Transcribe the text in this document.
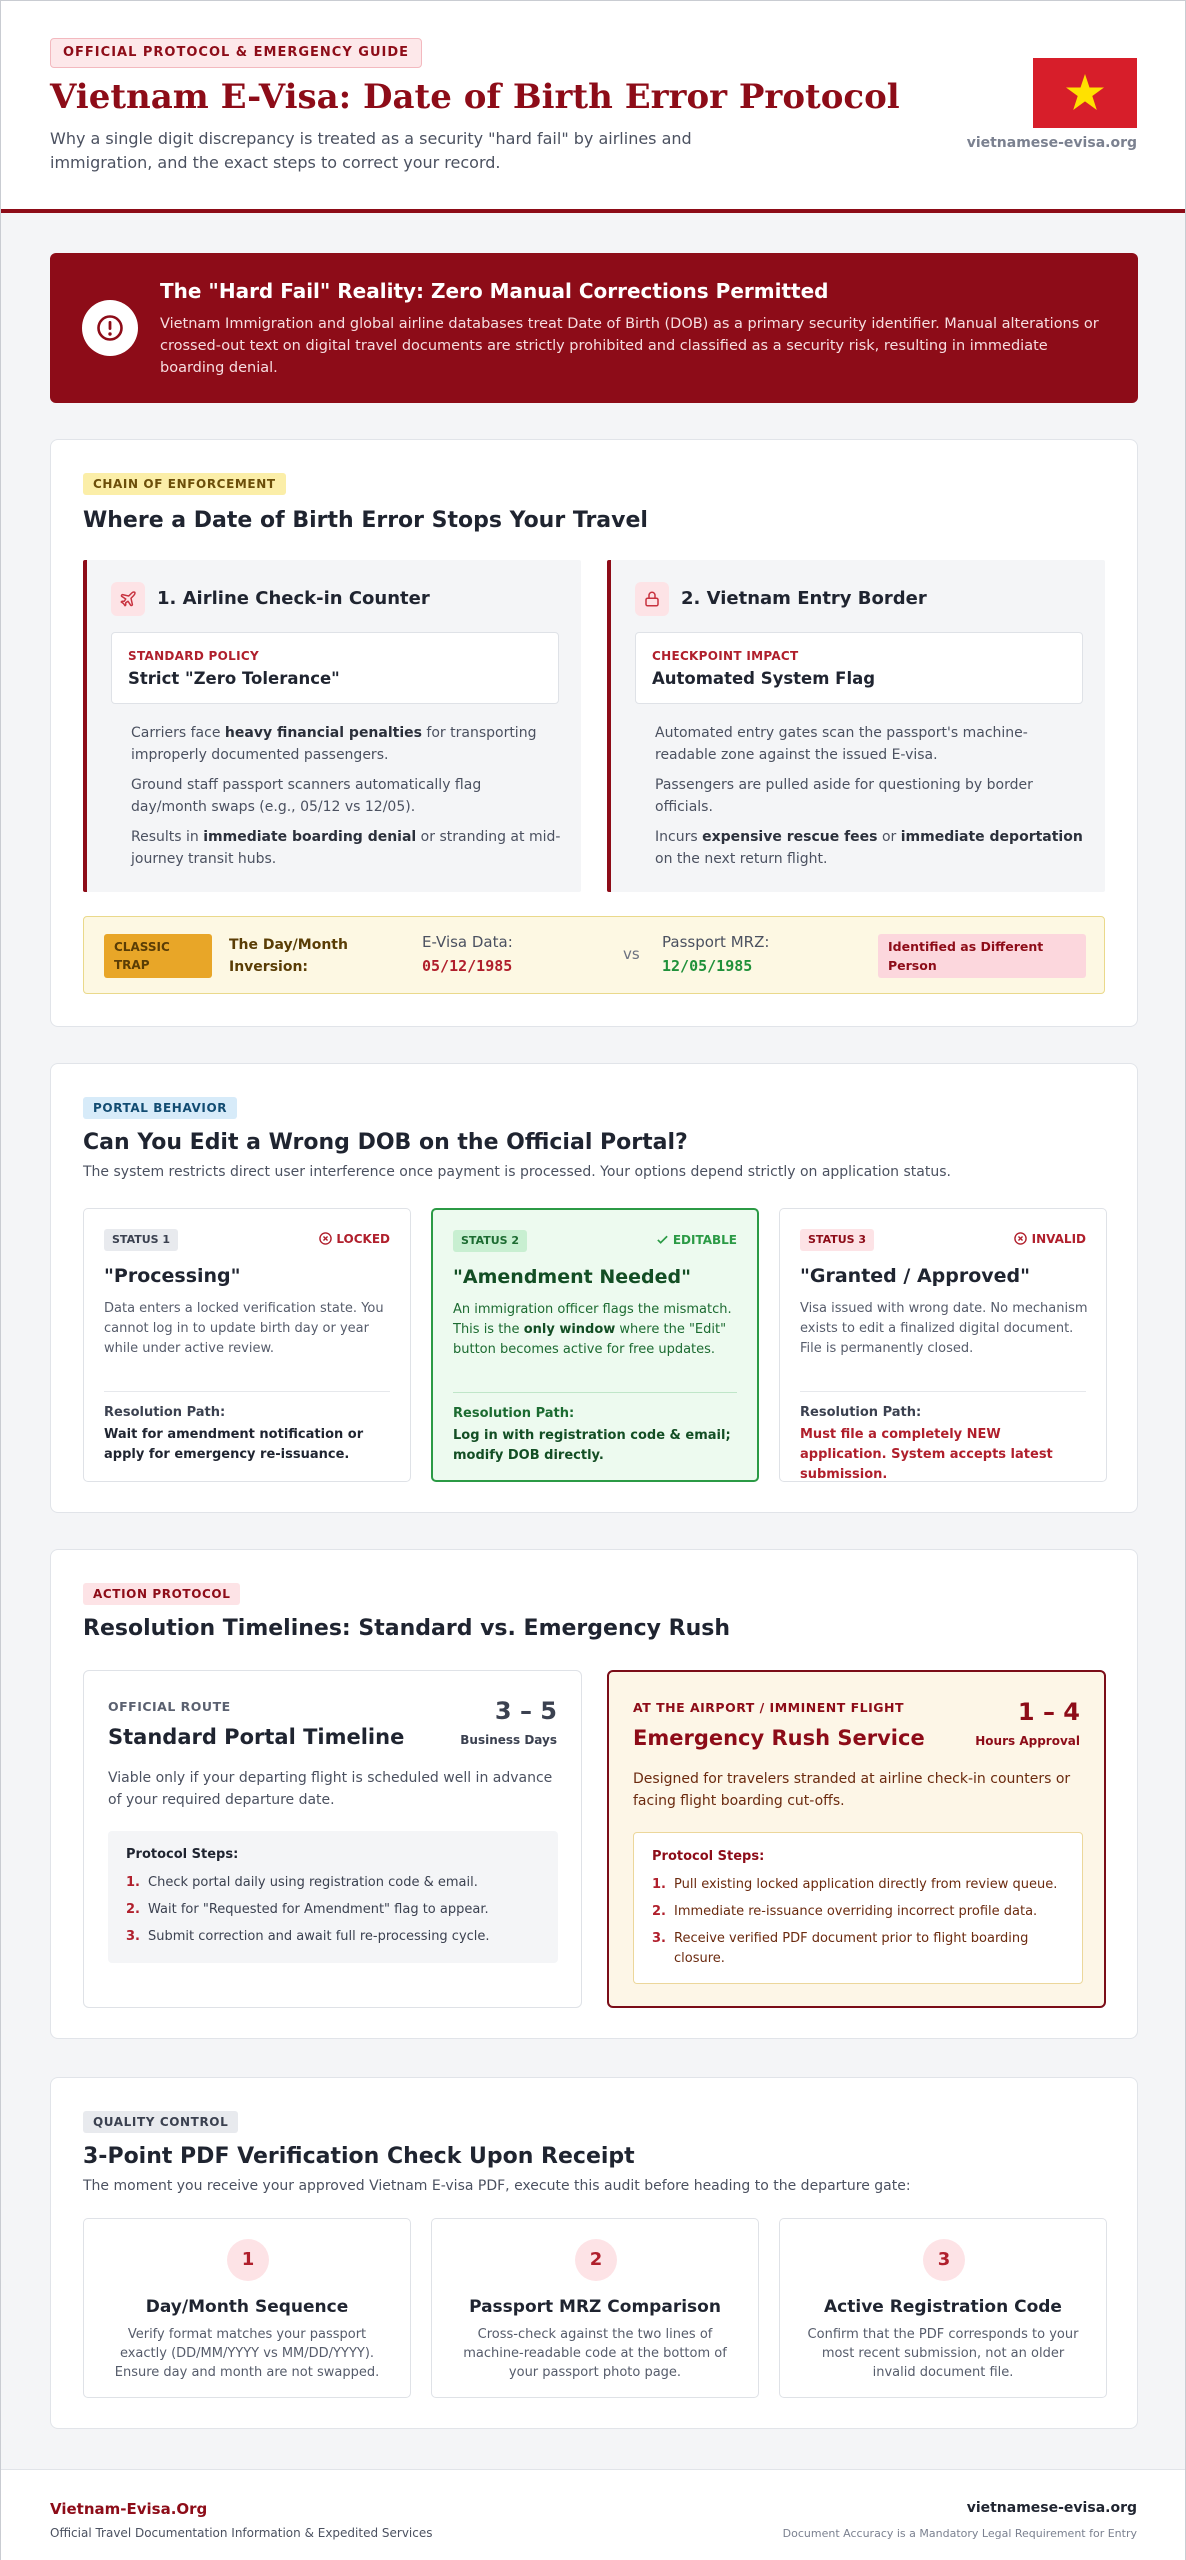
OFFICIAL PROTOCOL & EMERGENCY GUIDE
Vietnam E-Visa: Date of Birth Error Protocol

Why a single digit discrepancy is treated as a security "hard fail" by airlines and immigration, and the exact steps to correct your record.

vietnamese-evisa.org
The "Hard Fail" Reality: Zero Manual Corrections Permitted
Vietnam Immigration and global airline databases treat Date of Birth (DOB) as a primary security identifier. Manual alterations or crossed-out text on digital travel documents are strictly prohibited and classified as a security risk, resulting in immediate boarding denial.
CHAIN OF ENFORCEMENT
Where a Date of Birth Error Stops Your Travel
1. Airline Check-in Counter
STANDARD POLICY
Strict "Zero Tolerance"

Carriers face heavy financial penalties for transporting improperly documented passengers.

Ground staff passport scanners automatically flag day/month swaps (e.g., 05/12 vs 12/05).

Results in immediate boarding denial or stranding at mid-journey transit hubs.

2. Vietnam Entry Border
CHECKPOINT IMPACT
Automated System Flag

Automated entry gates scan the passport's machine-readable zone against the issued E-visa.

Passengers are pulled aside for questioning by border officials.

Incurs expensive rescue fees or immediate deportation on the next return flight.

CLASSIC TRAP
The Day/Month Inversion:
E-Visa Data:
05/12/1985
vs
Passport MRZ:
12/05/1985
Identified as Different Person
PORTAL BEHAVIOR
Can You Edit a Wrong DOB on the Official Portal?

The system restricts direct user interference once payment is processed. Your options depend strictly on application status.

STATUS 1	LOCKED
"Processing"
Data enters a locked verification state. You cannot log in to update birth day or year while under active review.
Resolution Path:
Wait for amendment notification or apply for emergency re-issuance.
STATUS 2	EDITABLE
"Amendment Needed"
An immigration officer flags the mismatch. This is the only window where the "Edit" button becomes active for free updates.
Resolution Path:
Log in with registration code & email; modify DOB directly.
STATUS 3	INVALID
"Granted / Approved"
Visa issued with wrong date. No mechanism exists to edit a finalized digital document. File is permanently closed.
Resolution Path:
Must file a completely NEW application. System accepts latest submission.
ACTION PROTOCOL
Resolution Timelines: Standard vs. Emergency Rush
OFFICIAL ROUTE
Standard Portal Timeline
3 – 5
Business Days
Viable only if your departing flight is scheduled well in advance of your required departure date.
Protocol Steps:
1. Check portal daily using registration code & email.
2. Wait for "Requested for Amendment" flag to appear.
3. Submit correction and await full re-processing cycle.
AT THE AIRPORT / IMMINENT FLIGHT
Emergency Rush Service
1 – 4
Hours Approval
Designed for travelers stranded at airline check-in counters or facing flight boarding cut-offs.
Protocol Steps:
1. Pull existing locked application directly from review queue.
2. Immediate re-issuance overriding incorrect profile data.
3. Receive verified PDF document prior to flight boarding closure.
QUALITY CONTROL
3-Point PDF Verification Check Upon Receipt

The moment you receive your approved Vietnam E-visa PDF, execute this audit before heading to the departure gate:

1
Day/Month Sequence
Verify format matches your passport exactly (DD/MM/YYYY vs MM/DD/YYYY). Ensure day and month are not swapped.
2
Passport MRZ Comparison
Cross-check against the two lines of machine-readable code at the bottom of your passport photo page.
3
Active Registration Code
Confirm that the PDF corresponds to your most recent submission, not an older invalid document file.
Vietnam-Evisa.Org
Official Travel Documentation Information & Expedited Services
vietnamese-evisa.org
Document Accuracy is a Mandatory Legal Requirement for Entry
